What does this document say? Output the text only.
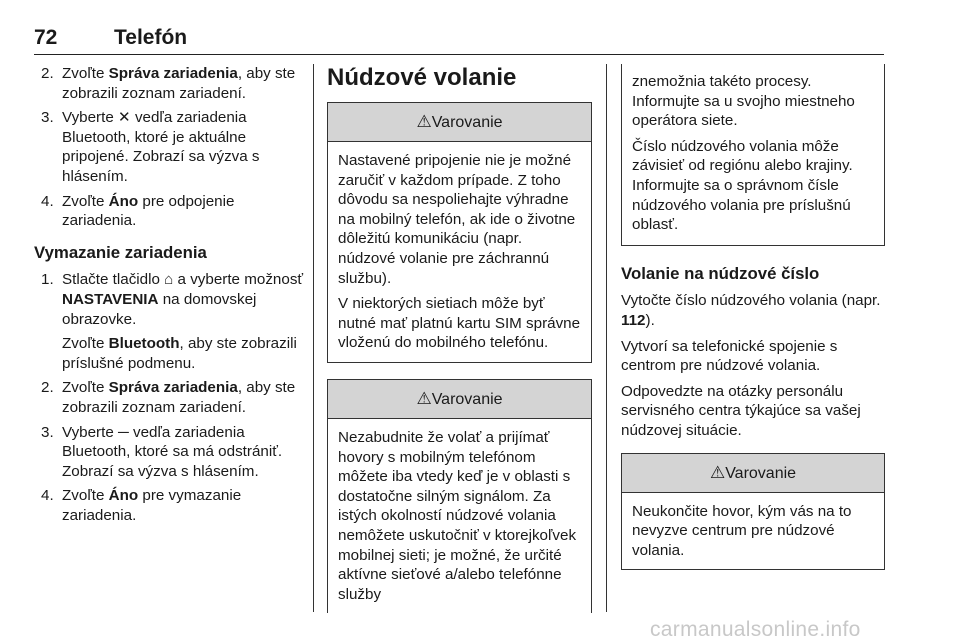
72	Telefón
2. Zvoľte Správa zariadenia, aby ste zobrazili zoznam zariadení.
3. Vyberte ✕ vedľa zariadenia Bluetooth, ktoré je aktuálne pripojené. Zobrazí sa výzva s hlásením.
4. Zvoľte Áno pre odpojenie zariadenia.
Vymazanie zariadenia
1. Stlačte tlačidlo ⌂ a vyberte možnosť NASTAVENIA na domovskej obrazovke.
Zvoľte Bluetooth, aby ste zobrazili príslušné podmenu.
2. Zvoľte Správa zariadenia, aby ste zobrazili zoznam zariadení.
3. Vyberte ─ vedľa zariadenia Bluetooth, ktoré sa má odstrániť. Zobrazí sa výzva s hlásením.
4. Zvoľte Áno pre vymazanie zariadenia.
Núdzové volanie
⚠Varovanie

Nastavené pripojenie nie je možné zaručiť v každom prípade. Z toho dôvodu sa nespoliehajte výhradne na mobilný telefón, ak ide o životne dôležitú komunikáciu (napr. núdzové volanie pre záchrannú službu).

V niektorých sietiach môže byť nutné mať platnú kartu SIM správne vloženú do mobilného telefónu.

⚠Varovanie

Nezabudnite že volať a prijímať hovory s mobilným telefónom môžete iba vtedy keď je v oblasti s dostatočne silným signálom. Za istých okolností núdzové volania nemôžete uskutočniť v ktorejkoľvek mobilnej sieti; je možné, že určité aktívne sieťové a/alebo telefónne služby

znemožnia takéto procesy. Informujte sa u svojho miestneho operátora siete.

Číslo núdzového volania môže závisieť od regiónu alebo krajiny. Informujte sa o správnom čísle núdzového volania pre príslušnú oblasť.

Volanie na núdzové číslo

Vytočte číslo núdzového volania (napr. 112).

Vytvorí sa telefonické spojenie s centrom pre núdzové volania.

Odpovedzte na otázky personálu servisného centra týkajúce sa vašej núdzovej situácie.

⚠Varovanie

Neukončite hovor, kým vás na to nevyzve centrum pre núdzové volania.

carmanualsonline.info
